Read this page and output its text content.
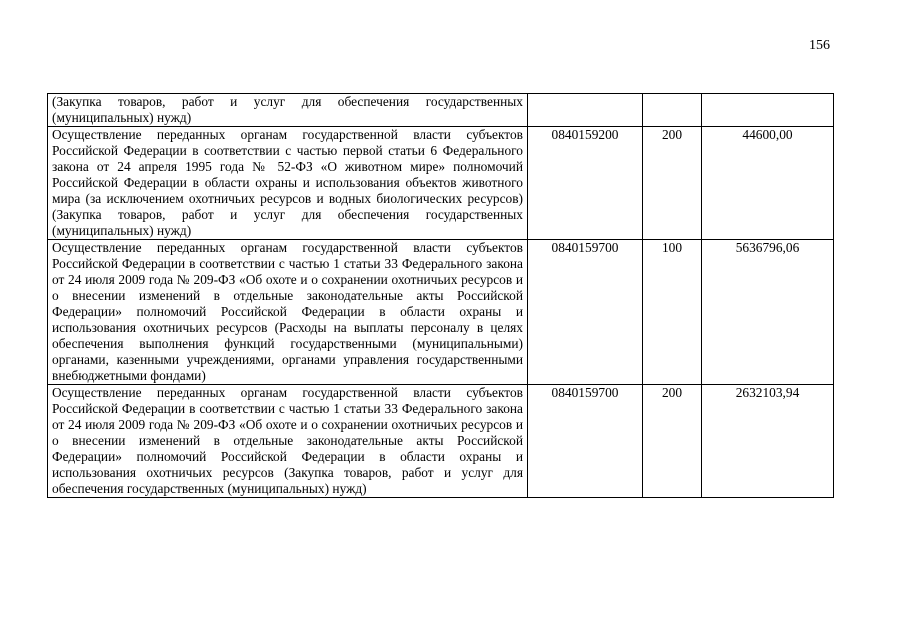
156
(Закупка товаров, работ и услуг для обеспечения государственных (муниципальных) нужд)			
Осуществление переданных органам государственной власти субъектов Российской Федерации в соответствии с частью первой статьи 6 Федерального закона от 24 апреля 1995 года № 52-ФЗ «О животном мире» полномочий Российской Федерации в области охраны и использования объектов животного мира (за исключением охотничьих ресурсов и водных биологических ресурсов) (Закупка товаров, работ и услуг для обеспечения государственных (муниципальных) нужд)	0840159200	200	44600,00
Осуществление переданных органам государственной власти субъектов Российской Федерации в соответствии с частью 1 статьи 33 Федерального закона от 24 июля 2009 года № 209-ФЗ «Об охоте и о сохранении охотничьих ресурсов и о внесении изменений в отдельные законодательные акты Российской Федерации» полномочий Российской Федерации в области охраны и использования охотничьих ресурсов (Расходы на выплаты персоналу в целях обеспечения выполнения функций государственными (муниципальными) органами, казенными учреждениями, органами управления государственными внебюджетными фондами)	0840159700	100	5636796,06
Осуществление переданных органам государственной власти субъектов Российской Федерации в соответствии с частью 1 статьи 33 Федерального закона от 24 июля 2009 года № 209-ФЗ «Об охоте и о сохранении охотничьих ресурсов и о внесении изменений в отдельные законодательные акты Российской Федерации» полномочий Российской Федерации в области охраны и использования охотничьих ресурсов (Закупка товаров, работ и услуг для обеспечения государственных (муниципальных) нужд)	0840159700	200	2632103,94
